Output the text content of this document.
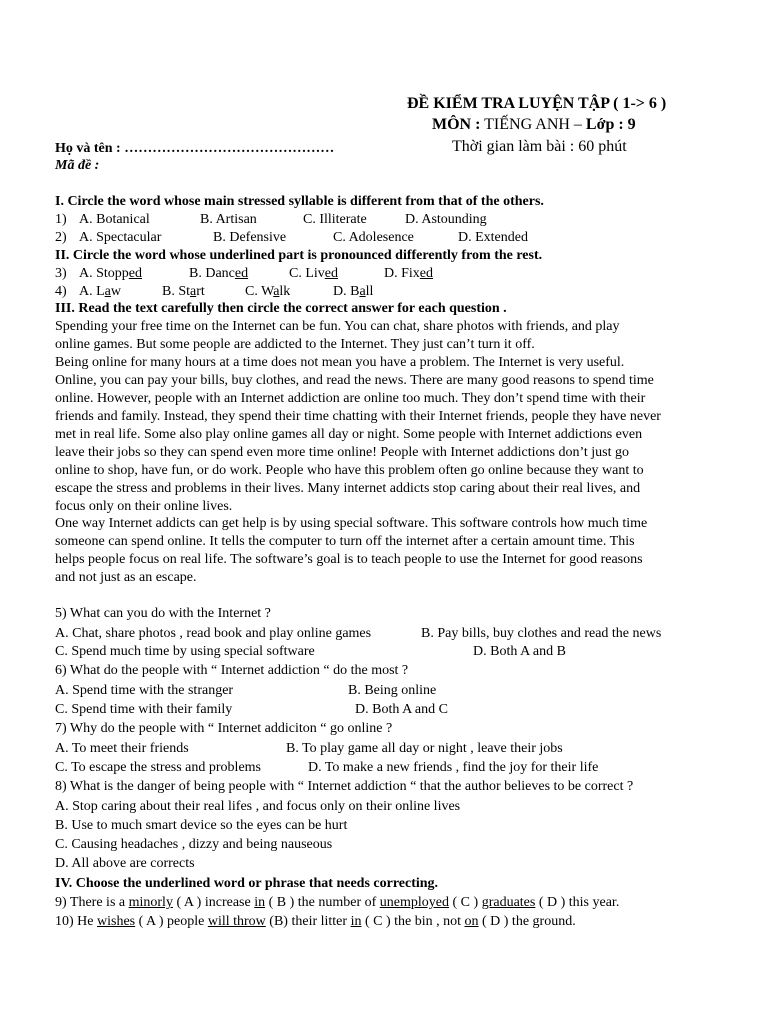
ĐỀ KIỂM TRA LUYỆN TẬP ( 1-> 6 )
MÔN : TIẾNG ANH – Lớp : 9
Họ và tên : ………………………………………	Thời gian làm bài : 60 phút
Mã đề :
I. Circle the word whose main stressed syllable is different from that of the others.
1) A. Botanical	B. Artisan	C. Illiterate	D. Astounding
2) A. Spectacular	B. Defensive	C. Adolesence	D. Extended
II. Circle the word whose underlined part is pronounced differently from the rest.
3) A. Stopped	B. Danced	C. Lived	D. Fixed
4) A. Law	B. Start	C. Walk	D. Ball
III. Read the text carefully then circle the correct answer for each question .
Spending your free time on the Internet can be fun. You can chat, share photos with friends, and play
online games. But some people are addicted to the Internet. They just can’t turn it off.
Being online for many hours at a time does not mean you have a problem. The Internet is very useful.
Online, you can pay your bills, buy clothes, and read the news. There are many good reasons to spend time
online. However, people with an Internet addiction are online too much. They don’t spend time with their
friends and family. Instead, they spend their time chatting with their Internet friends, people they have never
met in real life. Some also play online games all day or night. Some people with Internet addictions even
leave their jobs so they can spend even more time online! People with Internet addictions don’t just go
online to shop, have fun, or do work. People who have this problem often go online because they want to
escape the stress and problems in their lives. Many internet addicts stop caring about their real lives, and
focus only on their online lives.
One way Internet addicts can get help is by using special software. This software controls how much time
someone can spend online. It tells the computer to turn off the internet after a certain amount time. This
helps people focus on real life. The software’s goal is to teach people to use the Internet for good reasons
and not just as an escape.
5) What can you do with the Internet ?
A. Chat, share photos , read book and play online games	B. Pay bills, buy clothes and read the news
C. Spend much time by using special software	D. Both A and B
6) What do the people with “ Internet addiction “ do the most ?
A. Spend time with the stranger	B. Being online
C. Spend time with their family	D. Both A and C
7) Why do the people with “ Internet addiciton “ go online ?
A. To meet their friends	B. To play game all day or night , leave their jobs
C. To escape the stress and problems	D. To make a new friends , find the joy for their life
8) What is the danger of being people with “ Internet addiction “ that the author believes to be correct ?
A. Stop caring about their real lifes , and focus only on their online lives
B. Use to much smart device so the eyes can be hurt
C. Causing headaches , dizzy and being nauseous
D. All above are corrects
IV. Choose the underlined word or phrase that needs correcting.
9) There is a minorly ( A ) increase in ( B ) the number of unemployed ( C ) graduates ( D ) this year.
10) He wishes ( A ) people will throw (B) their litter in ( C ) the bin , not on ( D ) the ground.
